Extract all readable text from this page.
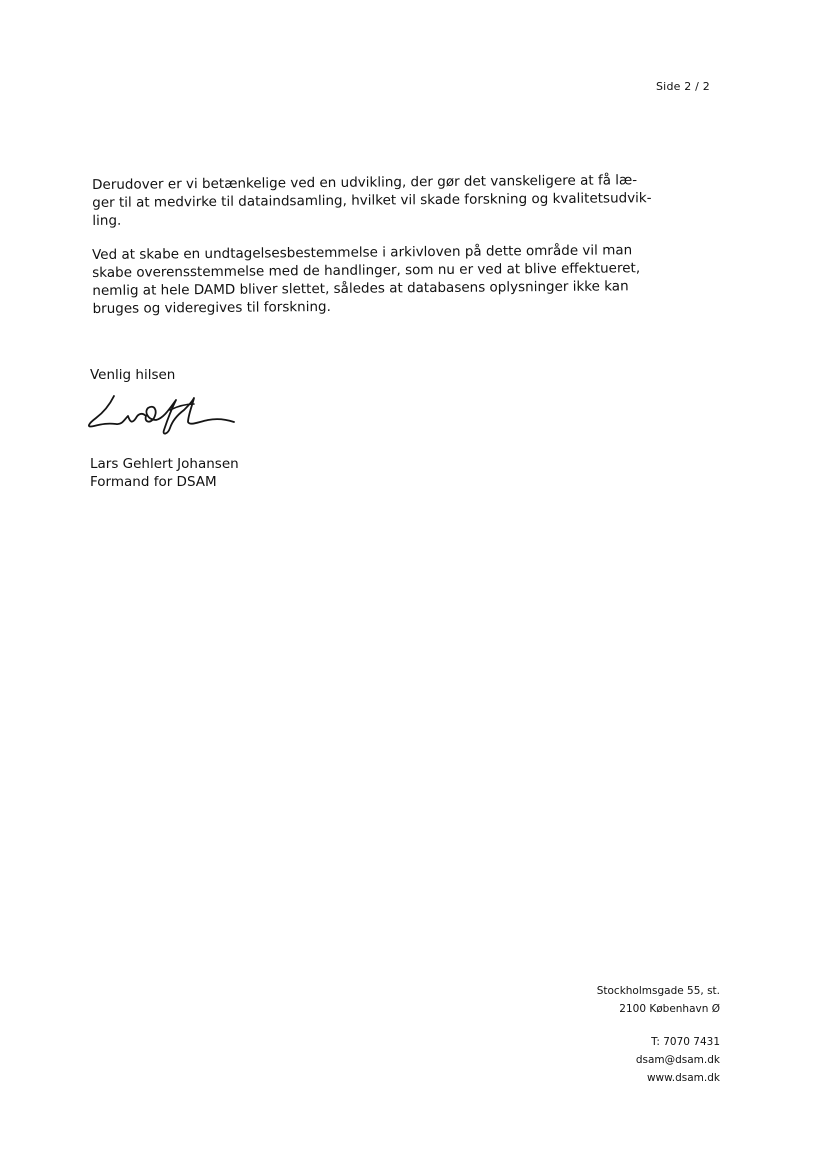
Side 2 / 2
Derudover er vi betænkelige ved en udvikling, der gør det vanskeligere at få læ-
ger til at medvirke til dataindsamling, hvilket vil skade forskning og kvalitetsudvik-
ling.
Ved at skabe en undtagelsesbestemmelse i arkivloven på dette område vil man
skabe overensstemmelse med de handlinger, som nu er ved at blive effektueret,
nemlig at hele DAMD bliver slettet, således at databasens oplysninger ikke kan
bruges og videregives til forskning.
Venlig hilsen
Lars Gehlert Johansen
Formand for DSAM
Stockholmsgade 55, st.
2100 København Ø
T: 7070 7431
dsam@dsam.dk
www.dsam.dk
